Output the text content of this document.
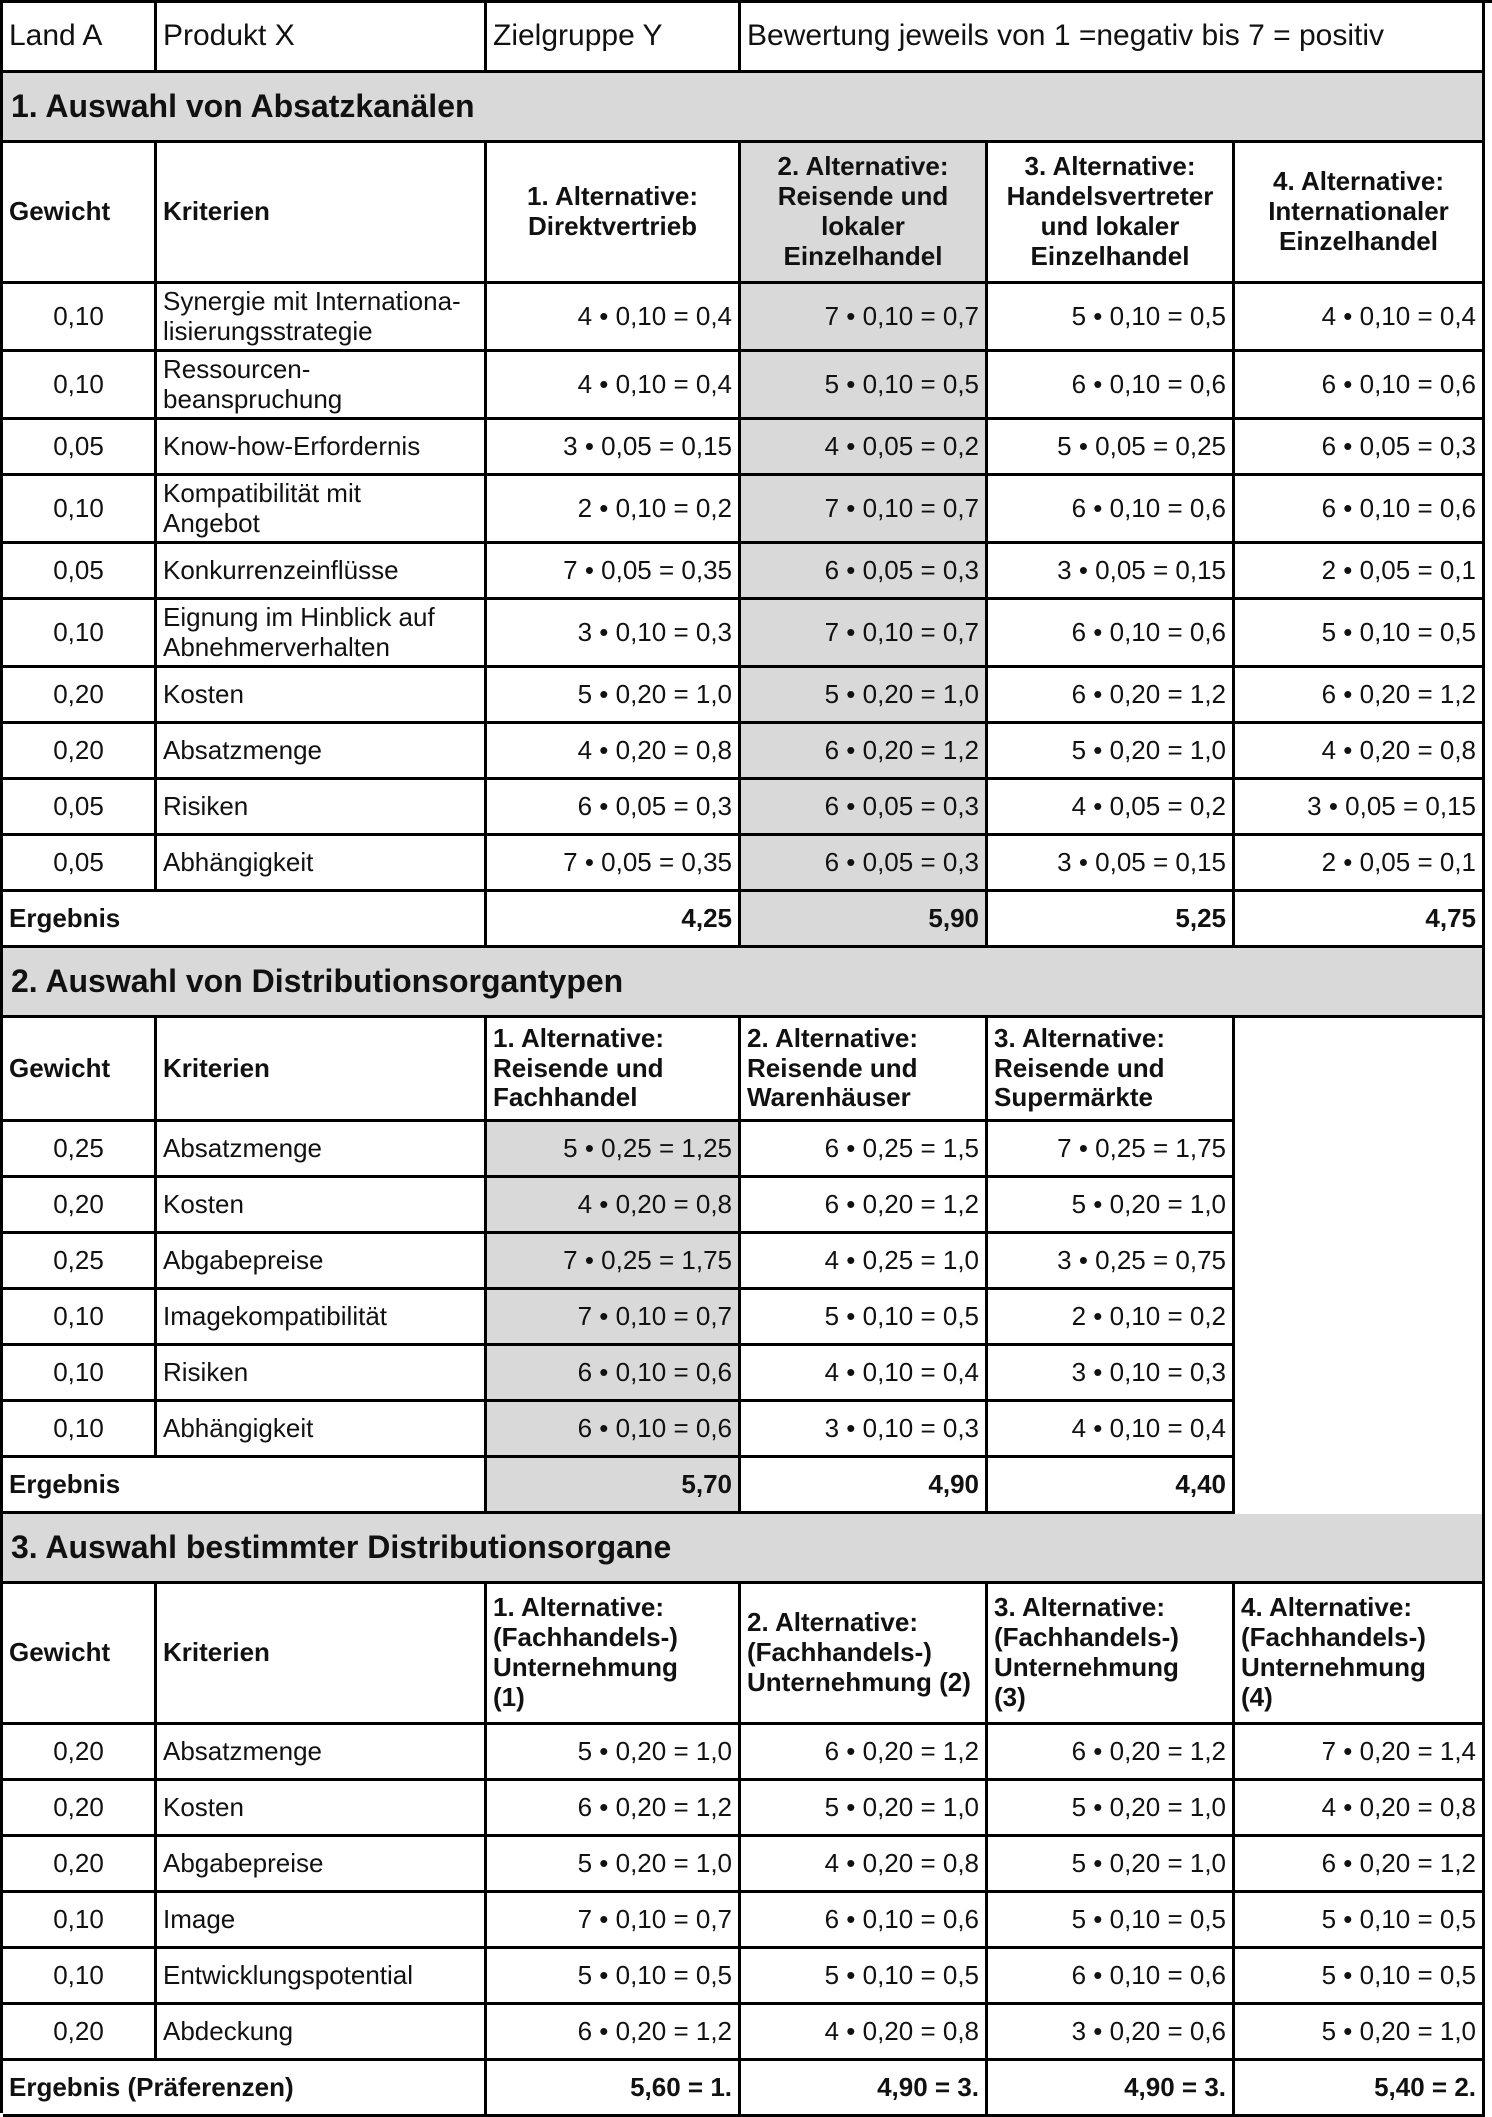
Land A Produkt X	Zielgruppe Y	Bewertung jeweils von 1 =negativ bis 7 = positiv
1. Auswahl von Absatzkanälen
Gewicht Kriterien	1. Alternative:
Direktvertrieb
2. Alternative:
Reisende und
lokaler
Einzelhandel
3. Alternative:
Handelsvertreter
und lokaler
Einzelhandel
4. Alternative:
Internationaler
Einzelhandel
0,10 Synergie mit Internationa-
lisierungsstrategie	4 • 0,10 = 0,4	7 • 0,10 = 0,7	5 • 0,10 = 0,5	4 • 0,10 = 0,4
0,10 Ressourcen-
beanspruchung	4 • 0,10 = 0,4	5 • 0,10 = 0,5	6 • 0,10 = 0,6	6 • 0,10 = 0,6
0,05 Know-how-Erfordernis	3 • 0,05 = 0,15	4 • 0,05 = 0,2	5 • 0,05 = 0,25	6 • 0,05 = 0,3
0,10 Kompatibilität mit
Angebot	2 • 0,10 = 0,2	7 • 0,10 = 0,7	6 • 0,10 = 0,6	6 • 0,10 = 0,6
0,05 Konkurrenzeinflüsse	7 • 0,05 = 0,35	6 • 0,05 = 0,3	3 • 0,05 = 0,15	2 • 0,05 = 0,1
0,10 Eignung im Hinblick auf
Abnehmerverhalten	3 • 0,10 = 0,3	7 • 0,10 = 0,7	6 • 0,10 = 0,6	5 • 0,10 = 0,5
0,20 Kosten	5 • 0,20 = 1,0	5 • 0,20 = 1,0	6 • 0,20 = 1,2	6 • 0,20 = 1,2
0,20 Absatzmenge	4 • 0,20 = 0,8	6 • 0,20 = 1,2	5 • 0,20 = 1,0	4 • 0,20 = 0,8
0,05 Risiken	6 • 0,05 = 0,3	6 • 0,05 = 0,3	4 • 0,05 = 0,2	3 • 0,05 = 0,15
0,05 Abhängigkeit	7 • 0,05 = 0,35	6 • 0,05 = 0,3	3 • 0,05 = 0,15	2 • 0,05 = 0,1
Ergebnis	4,25	5,90	5,25	4,75
2. Auswahl von Distributionsorgantypen
Gewicht Kriterien
1. Alternative:
Reisende und
Fachhandel
2. Alternative:
Reisende und
Warenhäuser
3. Alternative:
Reisende und
Supermärkte
0,25 Absatzmenge	5 • 0,25 = 1,25	6 • 0,25 = 1,5	7 • 0,25 = 1,75
0,20 Kosten	4 • 0,20 = 0,8	6 • 0,20 = 1,2	5 • 0,20 = 1,0
0,25 Abgabepreise	7 • 0,25 = 1,75	4 • 0,25 = 1,0	3 • 0,25 = 0,75
0,10 Imagekompatibilität	7 • 0,10 = 0,7	5 • 0,10 = 0,5	2 • 0,10 = 0,2
0,10 Risiken	6 • 0,10 = 0,6	4 • 0,10 = 0,4	3 • 0,10 = 0,3
0,10 Abhängigkeit	6 • 0,10 = 0,6	3 • 0,10 = 0,3	4 • 0,10 = 0,4
Ergebnis	5,70	4,90	4,40
3. Auswahl bestimmter Distributionsorgane
Gewicht Kriterien
1. Alternative:
(Fachhandels-)
Unternehmung
(1)
2. Alternative:
(Fachhandels-)
Unternehmung (2)
3. Alternative:
(Fachhandels-)
Unternehmung
(3)
4. Alternative:
(Fachhandels-)
Unternehmung
(4)
0,20 Absatzmenge	5 • 0,20 = 1,0	6 • 0,20 = 1,2	6 • 0,20 = 1,2	7 • 0,20 = 1,4
0,20 Kosten	6 • 0,20 = 1,2	5 • 0,20 = 1,0	5 • 0,20 = 1,0	4 • 0,20 = 0,8
0,20 Abgabepreise	5 • 0,20 = 1,0	4 • 0,20 = 0,8	5 • 0,20 = 1,0	6 • 0,20 = 1,2
0,10 Image	7 • 0,10 = 0,7	6 • 0,10 = 0,6	5 • 0,10 = 0,5	5 • 0,10 = 0,5
0,10 Entwicklungspotential	5 • 0,10 = 0,5	5 • 0,10 = 0,5	6 • 0,10 = 0,6	5 • 0,10 = 0,5
0,20 Abdeckung	6 • 0,20 = 1,2	4 • 0,20 = 0,8	3 • 0,20 = 0,6	5 • 0,20 = 1,0
Ergebnis (Präferenzen)	5,60 = 1.	4,90 = 3.	4,90 = 3.	5,40 = 2.
